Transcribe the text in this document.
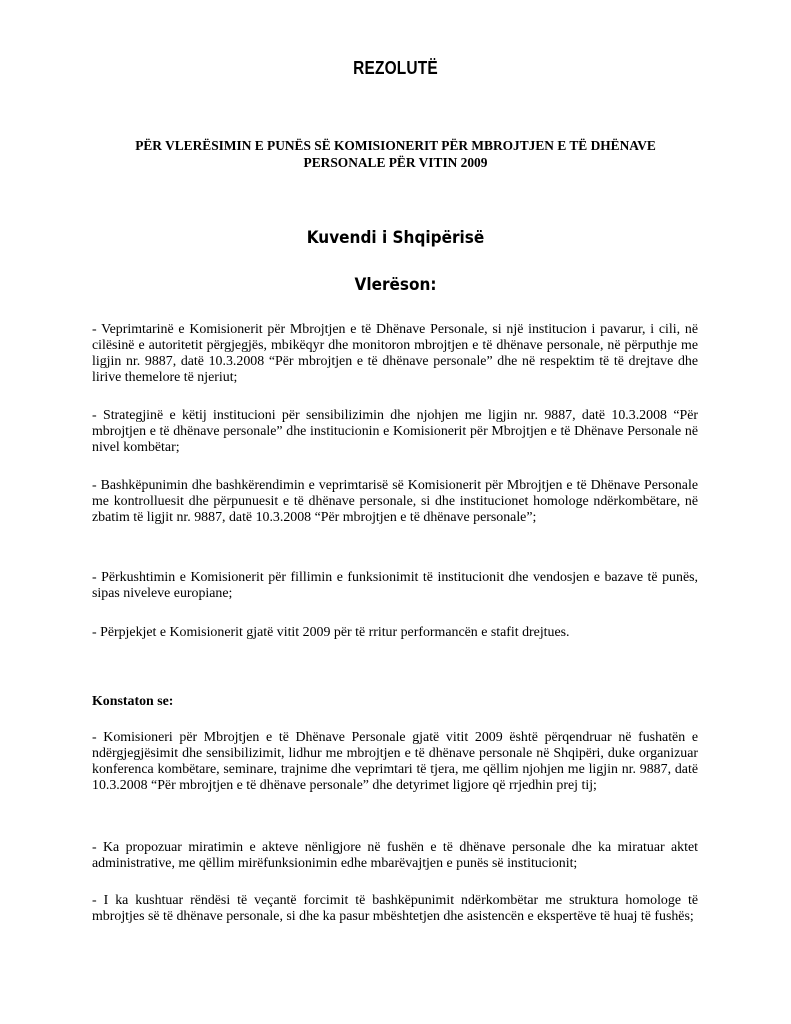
REZOLUTË
PËR VLERËSIMIN E PUNËS SË KOMISIONERIT PËR MBROJTJEN E TË DHËNAVE PERSONALE PËR VITIN 2009
Kuvendi i Shqipërisë
Vlerëson:

- Veprimtarinë e Komisionerit për Mbrojtjen e të Dhënave Personale, si një institucion i pavarur, i cili, në cilësinë e autoritetit përgjegjës, mbikëqyr dhe monitoron mbrojtjen e të dhënave personale, në përputhje me ligjin nr. 9887, datë 10.3.2008 “Për mbrojtjen e të dhënave personale” dhe në respektim të të drejtave dhe lirive themelore të njeriut;

- Strategjinë e këtij institucioni për sensibilizimin dhe njohjen me ligjin nr. 9887, datë 10.3.2008 “Për mbrojtjen e të dhënave personale” dhe institucionin e Komisionerit për Mbrojtjen e të Dhënave Personale në nivel kombëtar;

- Bashkëpunimin dhe bashkërendimin e veprimtarisë së Komisionerit për Mbrojtjen e të Dhënave Personale me kontrolluesit dhe përpunuesit e të dhënave personale, si dhe institucionet homologe ndërkombëtare, në zbatim të ligjit nr. 9887, datë 10.3.2008 “Për mbrojtjen e të dhënave personale”;

- Përkushtimin e Komisionerit për fillimin e funksionimit të institucionit dhe vendosjen e bazave të punës, sipas niveleve europiane;

- Përpjekjet e Komisionerit gjatë vitit 2009 për të rritur performancën e stafit drejtues.

Konstaton se:

- Komisioneri për Mbrojtjen e të Dhënave Personale gjatë vitit 2009 është përqendruar në fushatën e ndërgjegjësimit dhe sensibilizimit, lidhur me mbrojtjen e të dhënave personale në Shqipëri, duke organizuar konferenca kombëtare, seminare, trajnime dhe veprimtari të tjera, me qëllim njohjen me ligjin nr. 9887, datë 10.3.2008 “Për mbrojtjen e të dhënave personale” dhe detyrimet ligjore që rrjedhin prej tij;

- Ka propozuar miratimin e akteve nënligjore në fushën e të dhënave personale dhe ka miratuar aktet administrative, me qëllim mirëfunksionimin edhe mbarëvajtjen e punës së institucionit;

- I ka kushtuar rëndësi të veçantë forcimit të bashkëpunimit ndërkombëtar me struktura homologe të mbrojtjes së të dhënave personale, si dhe ka pasur mbështetjen dhe asistencën e ekspertëve të huaj të fushës;
